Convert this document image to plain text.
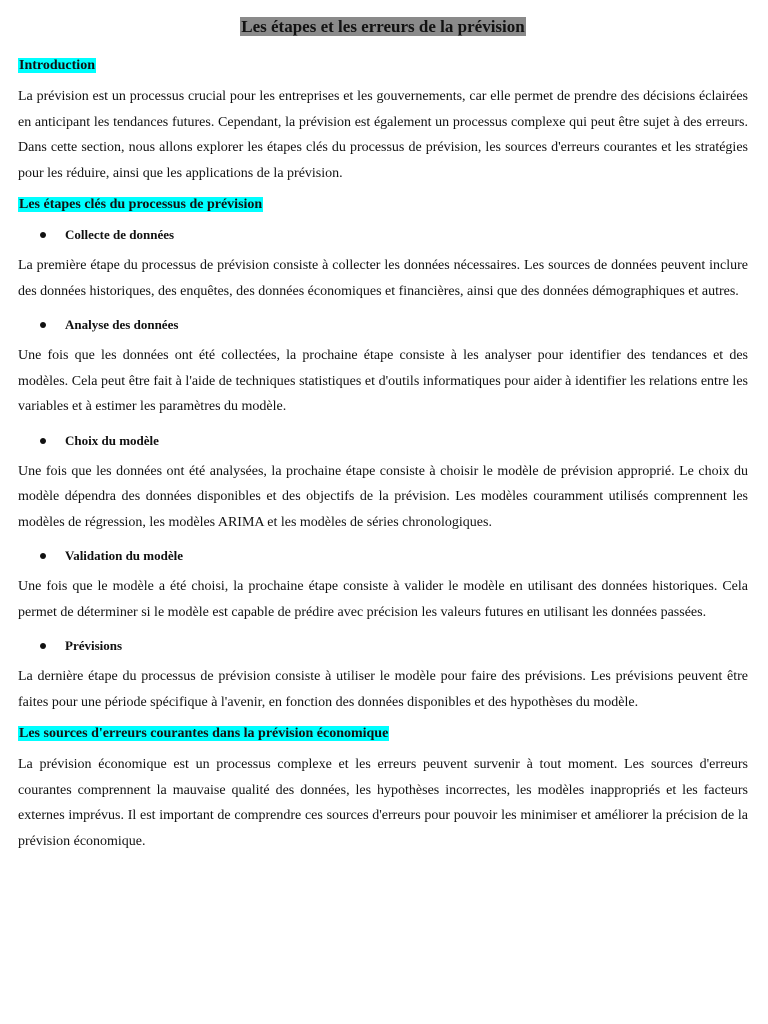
Les étapes et les erreurs de la prévision
Introduction

La prévision est un processus crucial pour les entreprises et les gouvernements, car elle permet de prendre des décisions éclairées en anticipant les tendances futures. Cependant, la prévision est également un processus complexe qui peut être sujet à des erreurs. Dans cette section, nous allons explorer les étapes clés du processus de prévision, les sources d'erreurs courantes et les stratégies pour les réduire, ainsi que les applications de la prévision.

Les étapes clés du processus de prévision
Collecte de données

La première étape du processus de prévision consiste à collecter les données nécessaires. Les sources de données peuvent inclure des données historiques, des enquêtes, des données économiques et financières, ainsi que des données démographiques et autres.

Analyse des données

Une fois que les données ont été collectées, la prochaine étape consiste à les analyser pour identifier des tendances et des modèles. Cela peut être fait à l'aide de techniques statistiques et d'outils informatiques pour aider à identifier les relations entre les variables et à estimer les paramètres du modèle.

Choix du modèle

Une fois que les données ont été analysées, la prochaine étape consiste à choisir le modèle de prévision approprié. Le choix du modèle dépendra des données disponibles et des objectifs de la prévision. Les modèles couramment utilisés comprennent les modèles de régression, les modèles ARIMA et les modèles de séries chronologiques.

Validation du modèle

Une fois que le modèle a été choisi, la prochaine étape consiste à valider le modèle en utilisant des données historiques. Cela permet de déterminer si le modèle est capable de prédire avec précision les valeurs futures en utilisant les données passées.

Prévisions

La dernière étape du processus de prévision consiste à utiliser le modèle pour faire des prévisions. Les prévisions peuvent être faites pour une période spécifique à l'avenir, en fonction des données disponibles et des hypothèses du modèle.

Les sources d'erreurs courantes dans la prévision économique

La prévision économique est un processus complexe et les erreurs peuvent survenir à tout moment. Les sources d'erreurs courantes comprennent la mauvaise qualité des données, les hypothèses incorrectes, les modèles inappropriés et les facteurs externes imprévus. Il est important de comprendre ces sources d'erreurs pour pouvoir les minimiser et améliorer la précision de la prévision économique.
